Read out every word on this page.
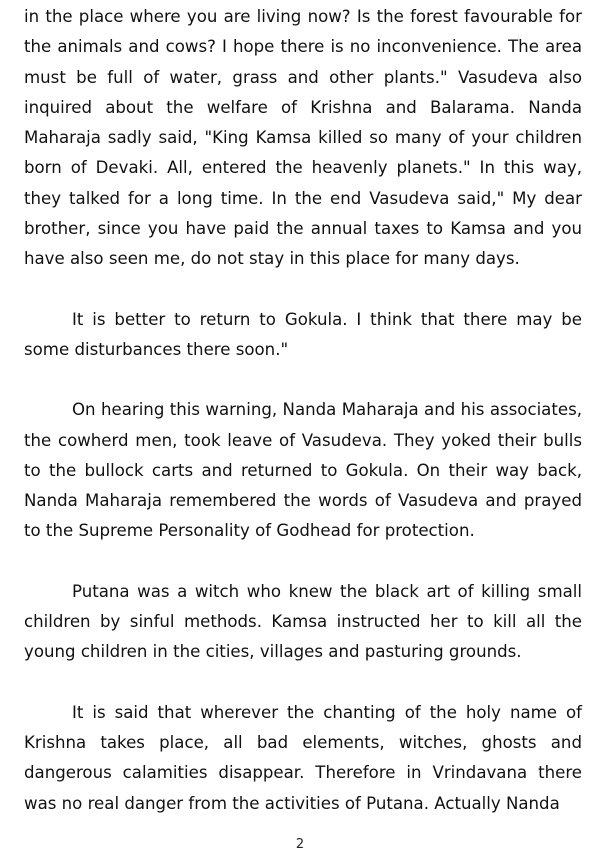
in the place where you are living now? Is the forest favourable for the animals and cows? I hope there is no inconvenience. The area must be full of water, grass and other plants." Vasudeva also inquired about the welfare of Krishna and Balarama. Nanda Maharaja sadly said, "King Kamsa killed so many of your children born of Devaki. All, entered the heavenly planets." In this way, they talked for a long time. In the end Vasudeva said," My dear brother, since you have paid the annual taxes to Kamsa and you have also seen me, do not stay in this place for many days.

It is better to return to Gokula. I think that there may be some disturbances there soon."

On hearing this warning, Nanda Maharaja and his associates, the cowherd men, took leave of Vasudeva. They yoked their bulls to the bullock carts and returned to Gokula. On their way back, Nanda Maharaja remembered the words of Vasudeva and prayed to the Supreme Personality of Godhead for protection.

Putana was a witch who knew the black art of killing small children by sinful methods. Kamsa instructed her to kill all the young children in the cities, villages and pasturing grounds.

It is said that wherever the chanting of the holy name of Krishna takes place, all bad elements, witches, ghosts and dangerous calamities disappear. Therefore in Vrindavana there was no real danger from the activities of Putana. Actually Nanda

2
